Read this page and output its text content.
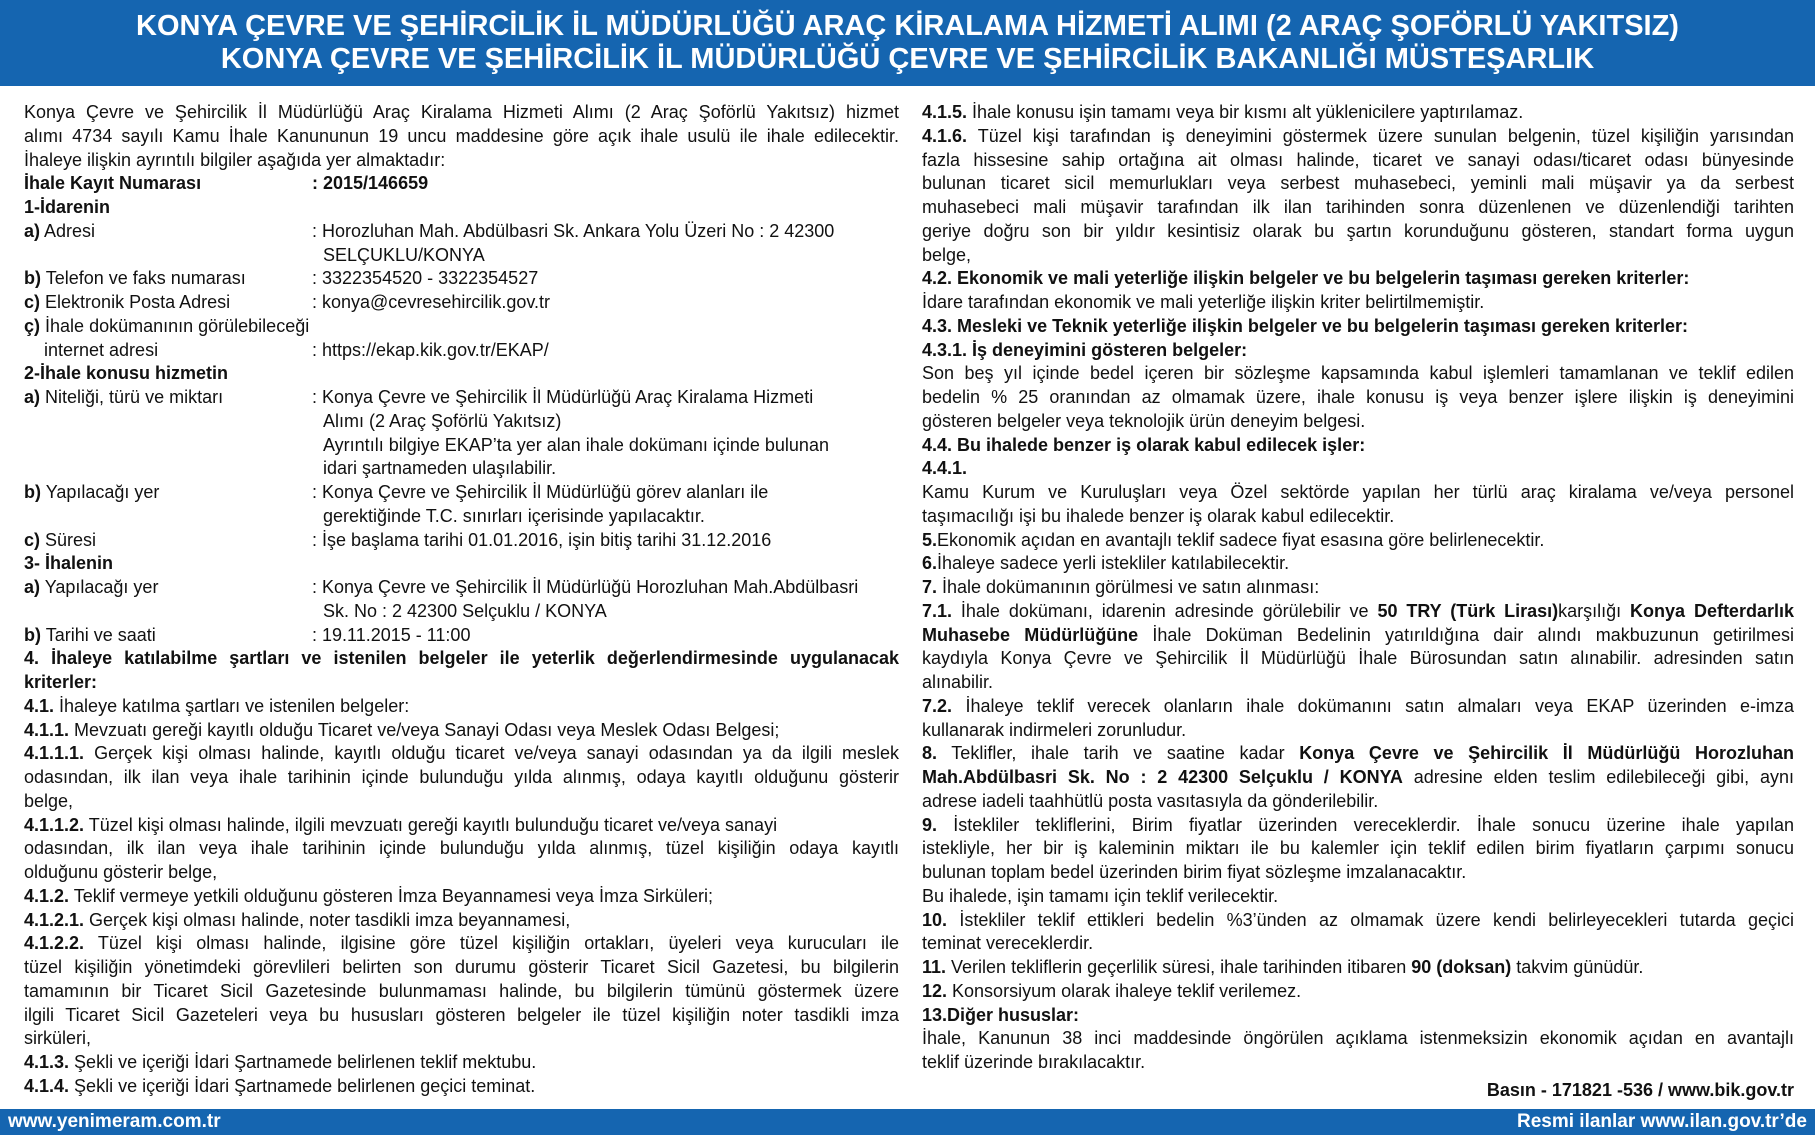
KONYA ÇEVRE VE ŞEHİRCİLİK İL MÜDÜRLÜĞÜ ARAÇ KİRALAMA HİZMETİ ALIMI (2 ARAÇ ŞOFÖRLÜ YAKITSIZ)
KONYA ÇEVRE VE ŞEHİRCİLİK İL MÜDÜRLÜĞÜ ÇEVRE VE ŞEHİRCİLİK BAKANLIĞI MÜSTEŞARLIK
Konya Çevre ve Şehircilik İl Müdürlüğü Araç Kiralama Hizmeti Alımı (2 Araç Şoförlü Yakıtsız) hizmet
alımı 4734 sayılı Kamu İhale Kanununun 19 uncu maddesine göre açık ihale usulü ile ihale edilecektir.
İhaleye ilişkin ayrıntılı bilgiler aşağıda yer almaktadır:
İhale Kayıt Numarası	: 2015/146659
1-İdarenin
a) Adresi	: Horozluhan Mah. Abdülbasri Sk. Ankara Yolu Üzeri No : 2 42300
SELÇUKLU/KONYA
b) Telefon ve faks numarası	: 3322354520 - 3322354527
c) Elektronik Posta Adresi	: konya@cevresehircilik.gov.tr
ç) İhale dokümanının görülebileceği
internet adresi	: https://ekap.kik.gov.tr/EKAP/
2-İhale konusu hizmetin
a) Niteliği, türü ve miktarı	: Konya Çevre ve Şehircilik İl Müdürlüğü Araç Kiralama Hizmeti
Alımı (2 Araç Şoförlü Yakıtsız)
Ayrıntılı bilgiye EKAP’ta yer alan ihale dokümanı içinde bulunan
idari şartnameden ulaşılabilir.
b) Yapılacağı yer	: Konya Çevre ve Şehircilik İl Müdürlüğü görev alanları ile
gerektiğinde T.C. sınırları içerisinde yapılacaktır.
c) Süresi	: İşe başlama tarihi 01.01.2016, işin bitiş tarihi 31.12.2016
3- İhalenin
a) Yapılacağı yer	: Konya Çevre ve Şehircilik İl Müdürlüğü Horozluhan Mah.Abdülbasri
Sk. No : 2 42300 Selçuklu / KONYA
b) Tarihi ve saati	: 19.11.2015 - 11:00
4. İhaleye katılabilme şartları ve istenilen belgeler ile yeterlik değerlendirmesinde uygulanacak
kriterler:
4.1. İhaleye katılma şartları ve istenilen belgeler:
4.1.1. Mevzuatı gereği kayıtlı olduğu Ticaret ve/veya Sanayi Odası veya Meslek Odası Belgesi;
4.1.1.1. Gerçek kişi olması halinde, kayıtlı olduğu ticaret ve/veya sanayi odasından ya da ilgili meslek
odasından, ilk ilan veya ihale tarihinin içinde bulunduğu yılda alınmış, odaya kayıtlı olduğunu gösterir
belge,
4.1.1.2. Tüzel kişi olması halinde, ilgili mevzuatı gereği kayıtlı bulunduğu ticaret ve/veya sanayi
odasından, ilk ilan veya ihale tarihinin içinde bulunduğu yılda alınmış, tüzel kişiliğin odaya kayıtlı
olduğunu gösterir belge,
4.1.2. Teklif vermeye yetkili olduğunu gösteren İmza Beyannamesi veya İmza Sirküleri;
4.1.2.1. Gerçek kişi olması halinde, noter tasdikli imza beyannamesi,
4.1.2.2. Tüzel kişi olması halinde, ilgisine göre tüzel kişiliğin ortakları, üyeleri veya kurucuları ile
tüzel kişiliğin yönetimdeki görevlileri belirten son durumu gösterir Ticaret Sicil Gazetesi, bu bilgilerin
tamamının bir Ticaret Sicil Gazetesinde bulunmaması halinde, bu bilgilerin tümünü göstermek üzere
ilgili Ticaret Sicil Gazeteleri veya bu hususları gösteren belgeler ile tüzel kişiliğin noter tasdikli imza
sirküleri,
4.1.3. Şekli ve içeriği İdari Şartnamede belirlenen teklif mektubu.
4.1.4. Şekli ve içeriği İdari Şartnamede belirlenen geçici teminat.
4.1.5. İhale konusu işin tamamı veya bir kısmı alt yüklenicilere yaptırılamaz.
4.1.6. Tüzel kişi tarafından iş deneyimini göstermek üzere sunulan belgenin, tüzel kişiliğin yarısından
fazla hissesine sahip ortağına ait olması halinde, ticaret ve sanayi odası/ticaret odası bünyesinde
bulunan ticaret sicil memurlukları veya serbest muhasebeci, yeminli mali müşavir ya da serbest
muhasebeci mali müşavir tarafından ilk ilan tarihinden sonra düzenlenen ve düzenlendiği tarihten
geriye doğru son bir yıldır kesintisiz olarak bu şartın korunduğunu gösteren, standart forma uygun
belge,
4.2. Ekonomik ve mali yeterliğe ilişkin belgeler ve bu belgelerin taşıması gereken kriterler:
İdare tarafından ekonomik ve mali yeterliğe ilişkin kriter belirtilmemiştir.
4.3. Mesleki ve Teknik yeterliğe ilişkin belgeler ve bu belgelerin taşıması gereken kriterler:
4.3.1. İş deneyimini gösteren belgeler:
Son beş yıl içinde bedel içeren bir sözleşme kapsamında kabul işlemleri tamamlanan ve teklif edilen
bedelin % 25 oranından az olmamak üzere, ihale konusu iş veya benzer işlere ilişkin iş deneyimini
gösteren belgeler veya teknolojik ürün deneyim belgesi.
4.4. Bu ihalede benzer iş olarak kabul edilecek işler:
4.4.1.
Kamu Kurum ve Kuruluşları veya Özel sektörde yapılan her türlü araç kiralama ve/veya personel
taşımacılığı işi bu ihalede benzer iş olarak kabul edilecektir.
5.Ekonomik açıdan en avantajlı teklif sadece fiyat esasına göre belirlenecektir.
6.İhaleye sadece yerli istekliler katılabilecektir.
7. İhale dokümanının görülmesi ve satın alınması:
7.1. İhale dokümanı, idarenin adresinde görülebilir ve 50 TRY (Türk Lirası)karşılığı Konya Defterdarlık
Muhasebe Müdürlüğüne İhale Doküman Bedelinin yatırıldığına dair alındı makbuzunun getirilmesi
kaydıyla Konya Çevre ve Şehircilik İl Müdürlüğü İhale Bürosundan satın alınabilir. adresinden satın
alınabilir.
7.2. İhaleye teklif verecek olanların ihale dokümanını satın almaları veya EKAP üzerinden e-imza
kullanarak indirmeleri zorunludur.
8. Teklifler, ihale tarih ve saatine kadar Konya Çevre ve Şehircilik İl Müdürlüğü Horozluhan
Mah.Abdülbasri Sk. No : 2 42300 Selçuklu / KONYA adresine elden teslim edilebileceği gibi, aynı
adrese iadeli taahhütlü posta vasıtasıyla da gönderilebilir.
9. İstekliler tekliflerini, Birim fiyatlar üzerinden vereceklerdir. İhale sonucu üzerine ihale yapılan
istekliyle, her bir iş kaleminin miktarı ile bu kalemler için teklif edilen birim fiyatların çarpımı sonucu
bulunan toplam bedel üzerinden birim fiyat sözleşme imzalanacaktır.
Bu ihalede, işin tamamı için teklif verilecektir.
10. İstekliler teklif ettikleri bedelin %3’ünden az olmamak üzere kendi belirleyecekleri tutarda geçici
teminat vereceklerdir.
11. Verilen tekliflerin geçerlilik süresi, ihale tarihinden itibaren 90 (doksan) takvim günüdür.
12. Konsorsiyum olarak ihaleye teklif verilemez.
13.Diğer hususlar:
İhale, Kanunun 38 inci maddesinde öngörülen açıklama istenmeksizin ekonomik açıdan en avantajlı
teklif üzerinde bırakılacaktır.
Basın - 171821 -536 / www.bik.gov.tr
www.yenimeram.com.tr	Resmi ilanlar www.ilan.gov.tr’de
